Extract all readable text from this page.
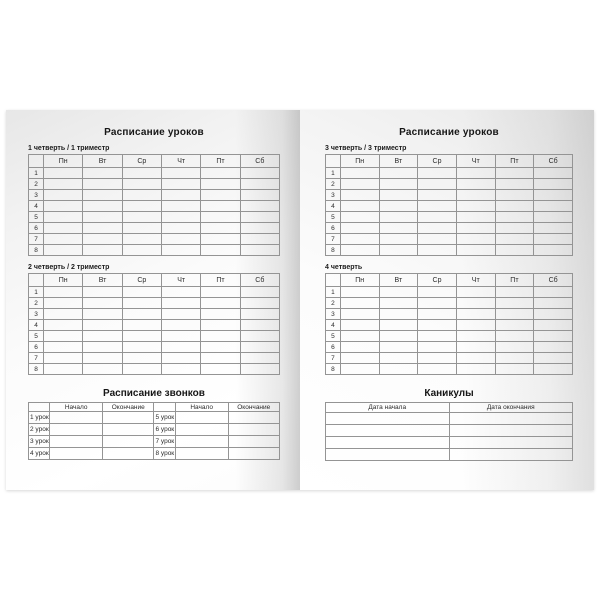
Расписание уроков
1 четверть / 1 триместр
	Пн	Вт	Ср	Чт	Пт	Сб
1						
2						
3						
4						
5						
6						
7						
8						
2 четверть / 2 триместр
	Пн	Вт	Ср	Чт	Пт	Сб
1						
2						
3						
4						
5						
6						
7						
8						
Расписание звонков
	Начало	Окончание		Начало	Окончание
1 урок			5 урок		
2 урок			6 урок		
3 урок			7 урок		
4 урок			8 урок		
Расписание уроков
3 четверть / 3 триместр
	Пн	Вт	Ср	Чт	Пт	Сб
1						
2						
3						
4						
5						
6						
7						
8						
4 четверть
	Пн	Вт	Ср	Чт	Пт	Сб
1						
2						
3						
4						
5						
6						
7						
8						
Каникулы
Дата начала	Дата окончания
